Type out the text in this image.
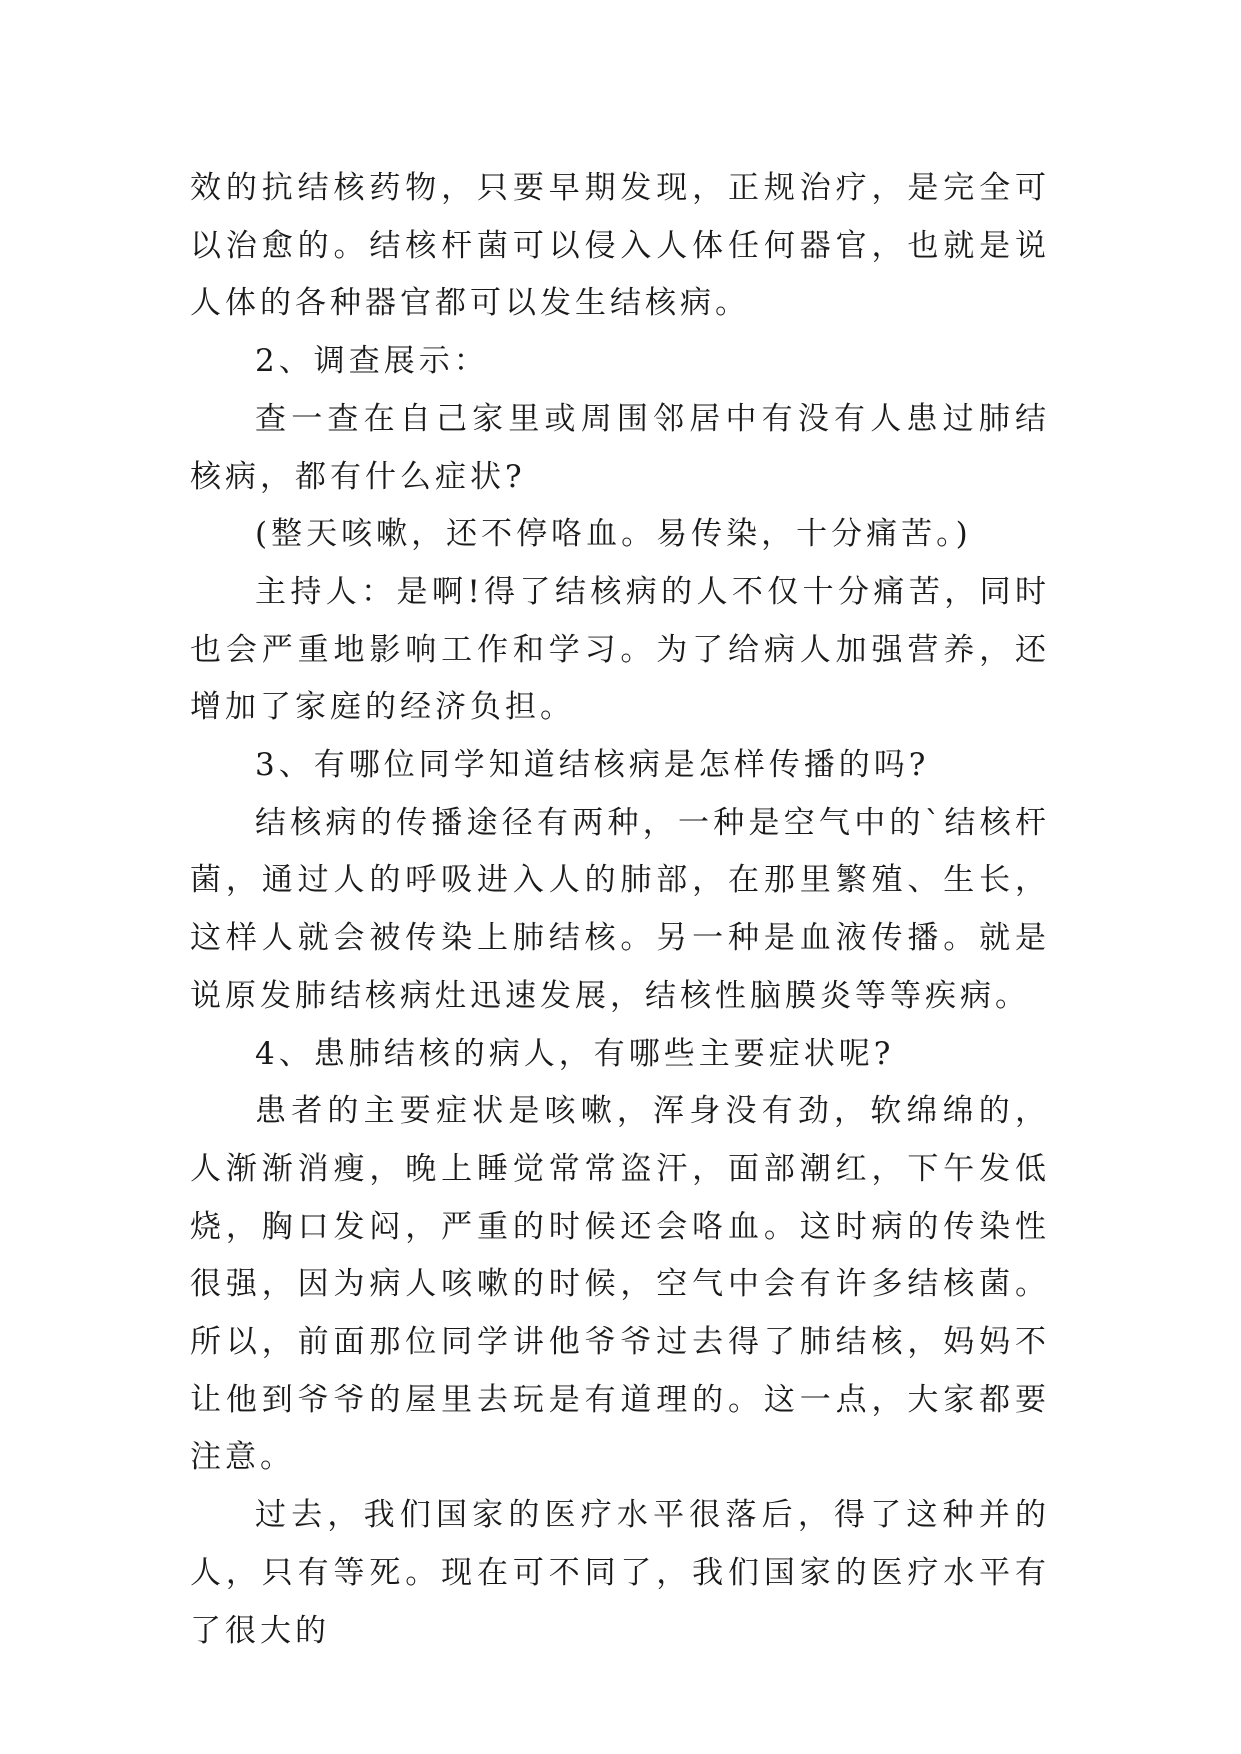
效的抗结核药物，只要早期发现，正规治疗，是完全可以治愈的。结核杆菌可以侵入人体任何器官，也就是说人体的各种器官都可以发生结核病。

2、调查展示：

查一查在自己家里或周围邻居中有没有人患过肺结核病，都有什么症状?

(整天咳嗽，还不停咯血。易传染，十分痛苦。)

主持人：是啊!得了结核病的人不仅十分痛苦，同时也会严重地影响工作和学习。为了给病人加强营养，还增加了家庭的经济负担。

3、有哪位同学知道结核病是怎样传播的吗?

结核病的传播途径有两种，一种是空气中的`结核杆菌，通过人的呼吸进入人的肺部，在那里繁殖、生长，这样人就会被传染上肺结核。另一种是血液传播。就是说原发肺结核病灶迅速发展，结核性脑膜炎等等疾病。

4、患肺结核的病人，有哪些主要症状呢?

患者的主要症状是咳嗽，浑身没有劲，软绵绵的，人渐渐消瘦，晚上睡觉常常盗汗，面部潮红，下午发低烧，胸口发闷，严重的时候还会咯血。这时病的传染性很强，因为病人咳嗽的时候，空气中会有许多结核菌。所以，前面那位同学讲他爷爷过去得了肺结核，妈妈不让他到爷爷的屋里去玩是有道理的。这一点，大家都要注意。

过去，我们国家的医疗水平很落后，得了这种并的人，只有等死。现在可不同了，我们国家的医疗水平有了很大的
